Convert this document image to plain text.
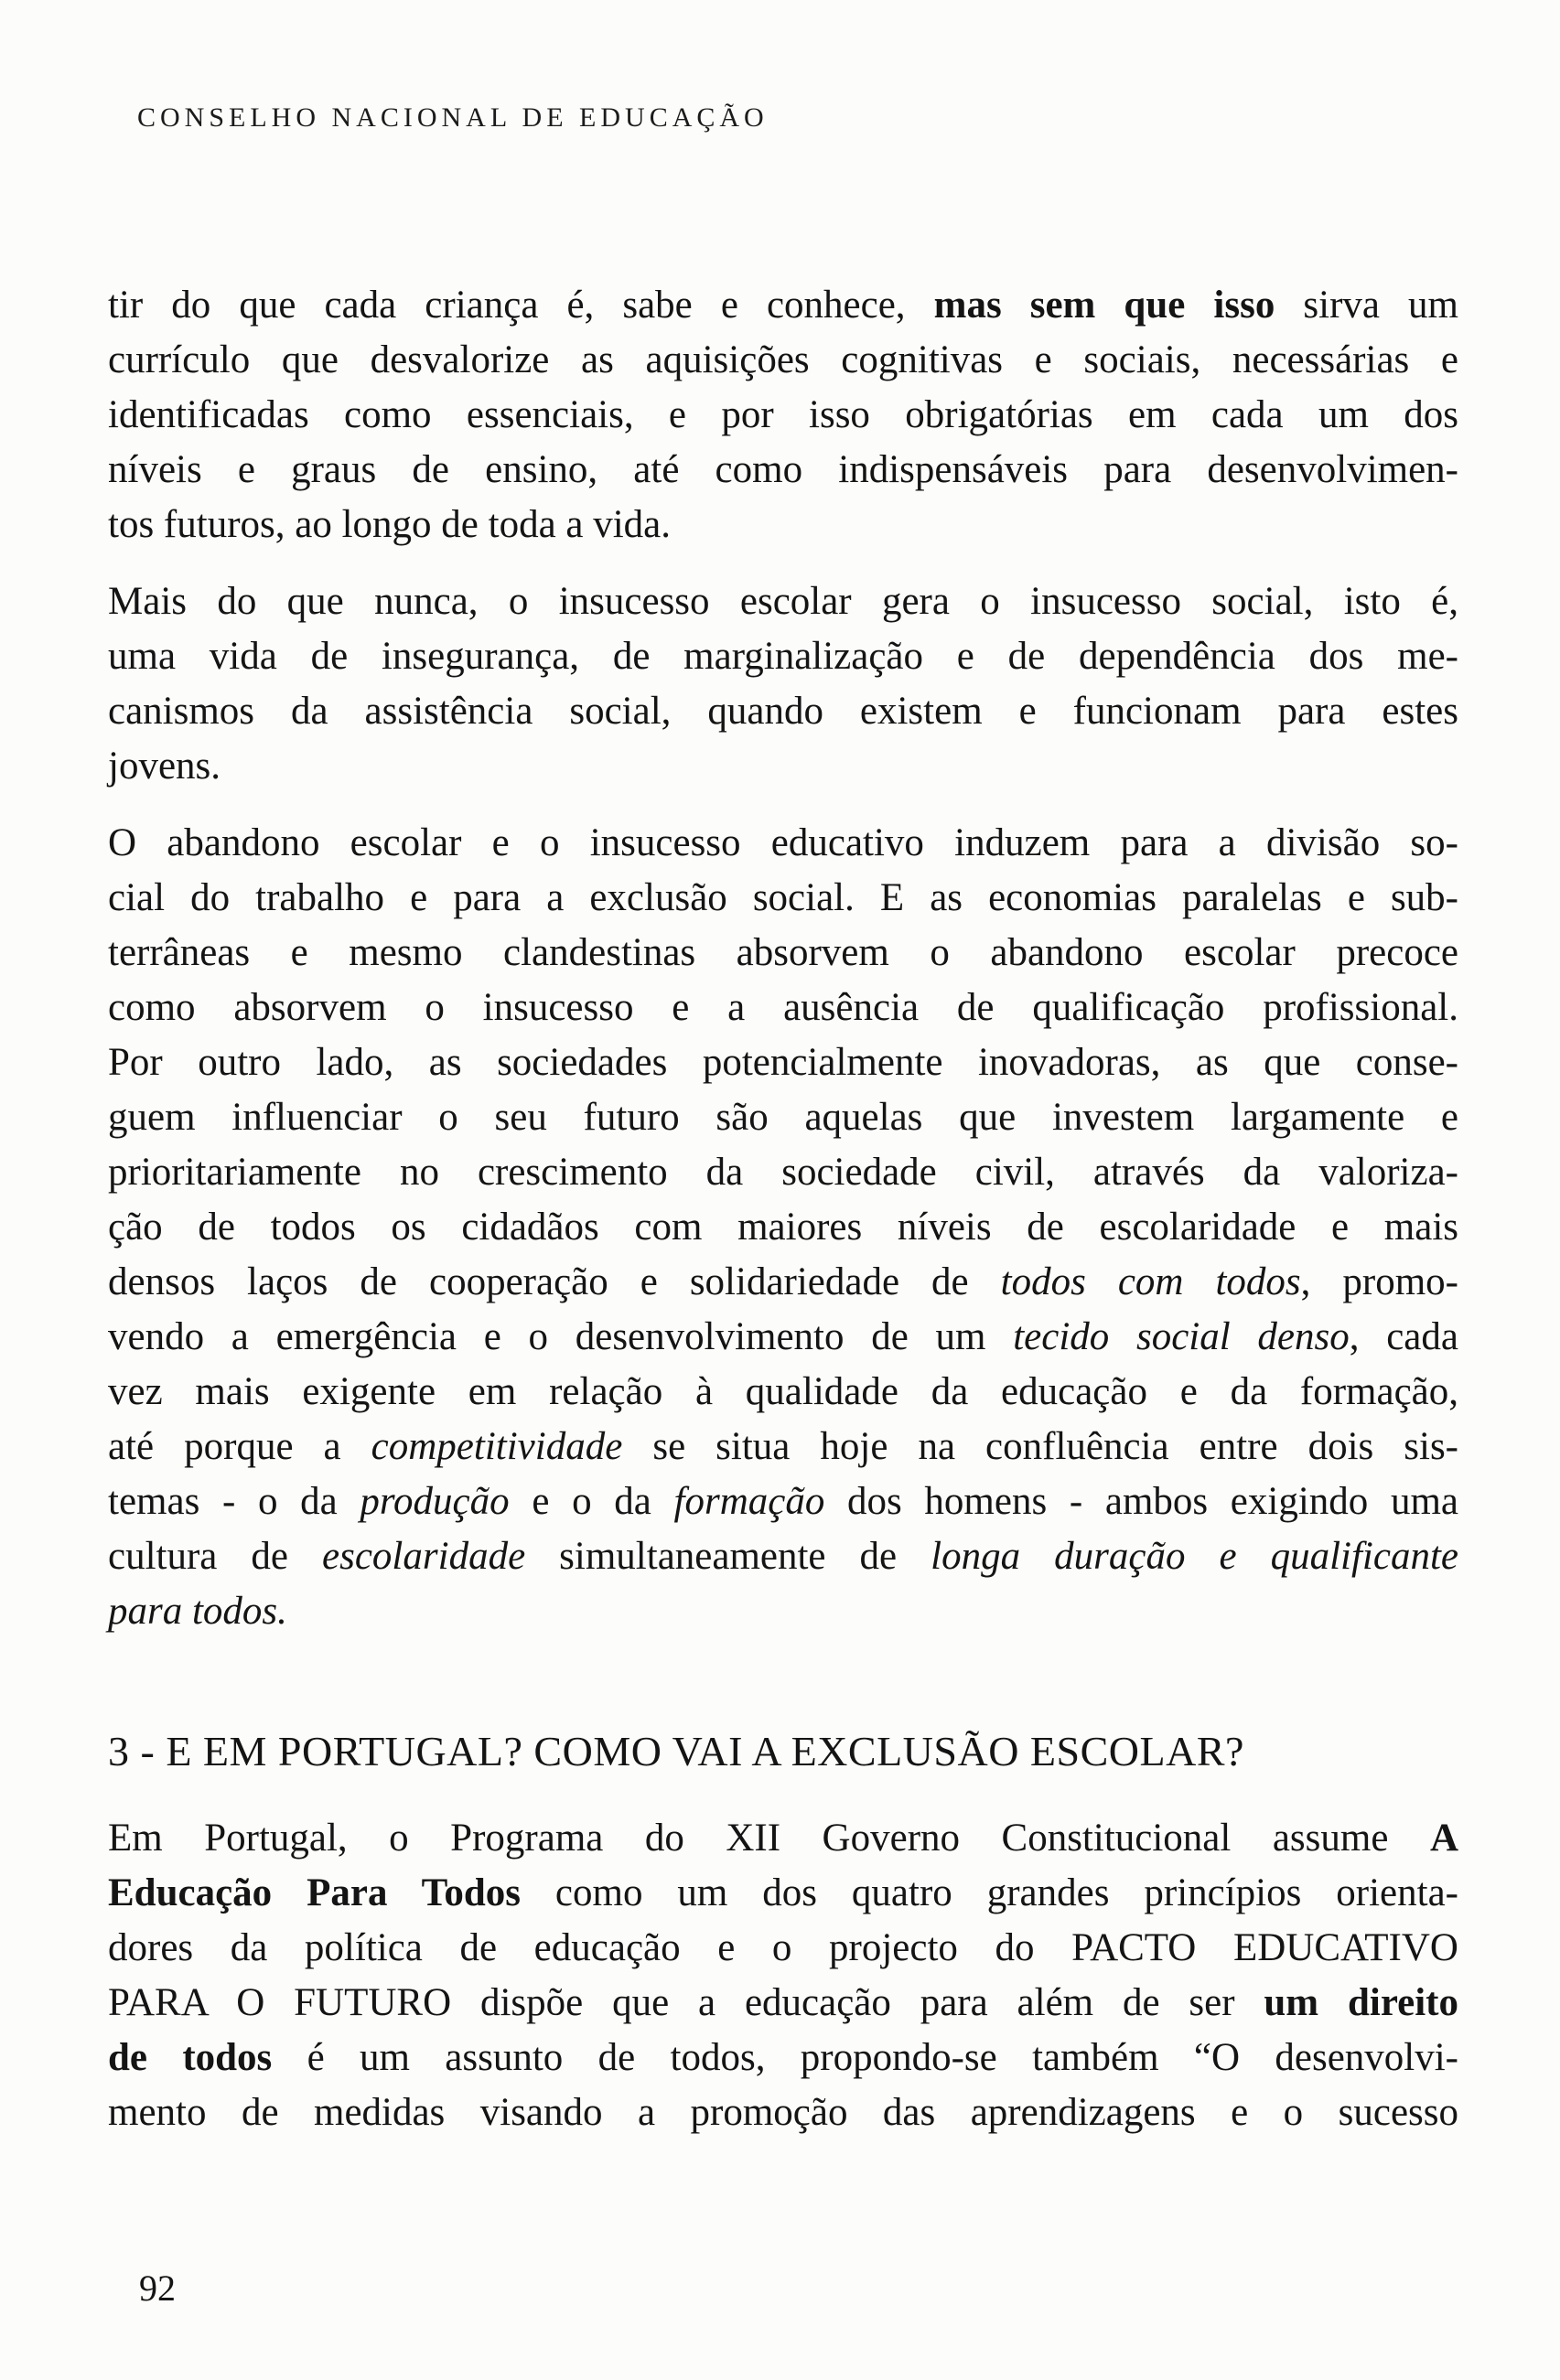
CONSELHO NACIONAL DE EDUCAÇÃO
tir do que cada criança é, sabe e conhece, mas sem que isso sirva um
currículo que desvalorize as aquisições cognitivas e sociais, necessárias e
identificadas como essenciais, e por isso obrigatórias em cada um dos
níveis e graus de ensino, até como indispensáveis para desenvolvimen-
tos futuros, ao longo de toda a vida.
Mais do que nunca, o insucesso escolar gera o insucesso social, isto é,
uma vida de insegurança, de marginalização e de dependência dos me-
canismos da assistência social, quando existem e funcionam para estes
jovens.
O abandono escolar e o insucesso educativo induzem para a divisão so-
cial do trabalho e para a exclusão social. E as economias paralelas e sub-
terrâneas e mesmo clandestinas absorvem o abandono escolar precoce
como absorvem o insucesso e a ausência de qualificação profissional.
Por outro lado, as sociedades potencialmente inovadoras, as que conse-
guem influenciar o seu futuro são aquelas que investem largamente e
prioritariamente no crescimento da sociedade civil, através da valoriza-
ção de todos os cidadãos com maiores níveis de escolaridade e mais
densos laços de cooperação e solidariedade de todos com todos, promo-
vendo a emergência e o desenvolvimento de um tecido social denso, cada
vez mais exigente em relação à qualidade da educação e da formação,
até porque a competitividade se situa hoje na confluência entre dois sis-
temas - o da produção e o da formação dos homens - ambos exigindo uma
cultura de escolaridade simultaneamente de longa duração e qualificante
para todos.
3 - E EM PORTUGAL? COMO VAI A EXCLUSÃO ESCOLAR?
Em Portugal, o Programa do XII Governo Constitucional assume A
Educação Para Todos como um dos quatro grandes princípios orienta-
dores da política de educação e o projecto do PACTO EDUCATIVO
PARA O FUTURO dispõe que a educação para além de ser um direito
de todos é um assunto de todos, propondo-se também “O desenvolvi-
mento de medidas visando a promoção das aprendizagens e o sucesso
92
